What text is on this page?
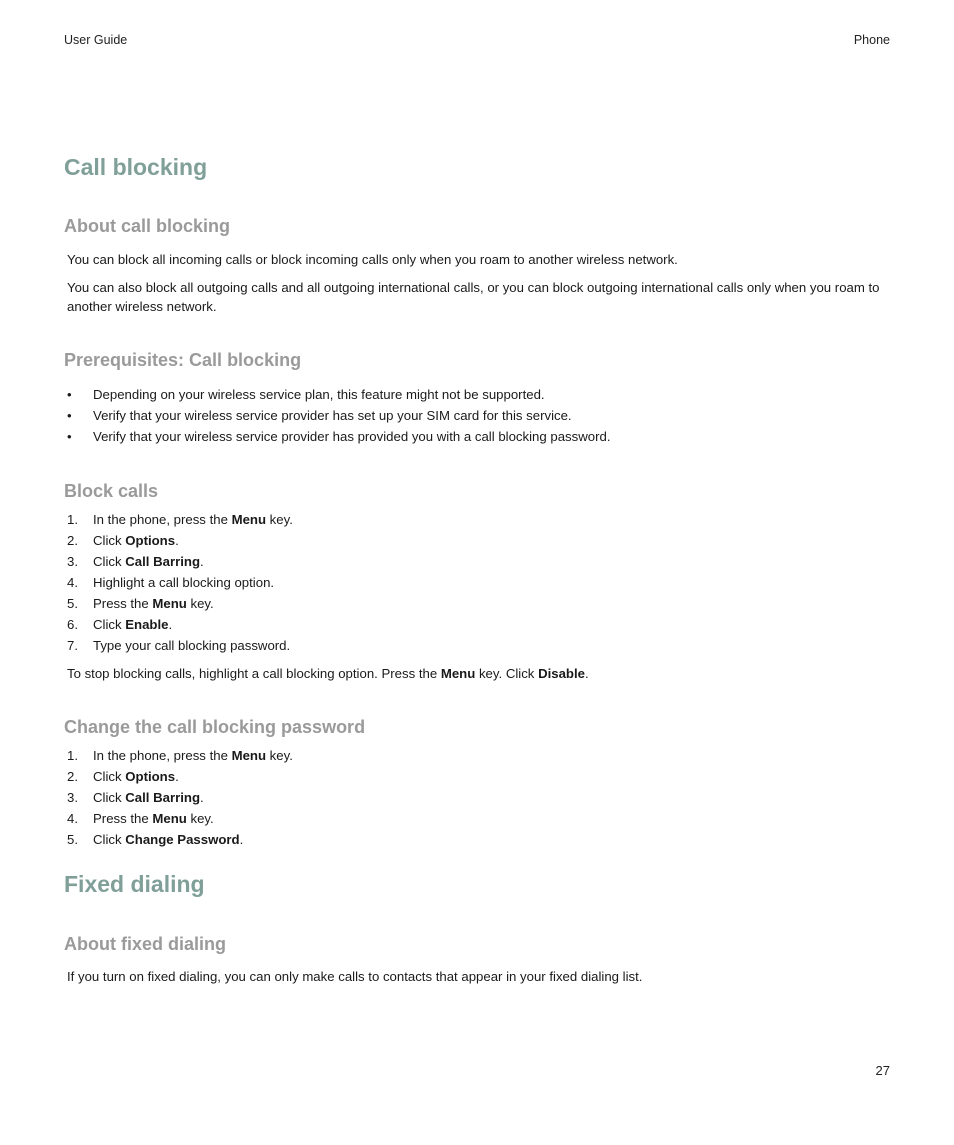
User Guide	Phone
Call blocking
About call blocking

You can block all incoming calls or block incoming calls only when you roam to another wireless network.

You can also block all outgoing calls and all outgoing international calls, or you can block outgoing international calls only when you roam to another wireless network.

Prerequisites: Call blocking
• Depending on your wireless service plan, this feature might not be supported.
• Verify that your wireless service provider has set up your SIM card for this service.
• Verify that your wireless service provider has provided you with a call blocking password.
Block calls
1. In the phone, press the Menu key.
2. Click Options.
3. Click Call Barring.
4. Highlight a call blocking option.
5. Press the Menu key.
6. Click Enable.
7. Type your call blocking password.

To stop blocking calls, highlight a call blocking option. Press the Menu key. Click Disable.

Change the call blocking password
1. In the phone, press the Menu key.
2. Click Options.
3. Click Call Barring.
4. Press the Menu key.
5. Click Change Password.
Fixed dialing
About fixed dialing

If you turn on fixed dialing, you can only make calls to contacts that appear in your fixed dialing list.

27
